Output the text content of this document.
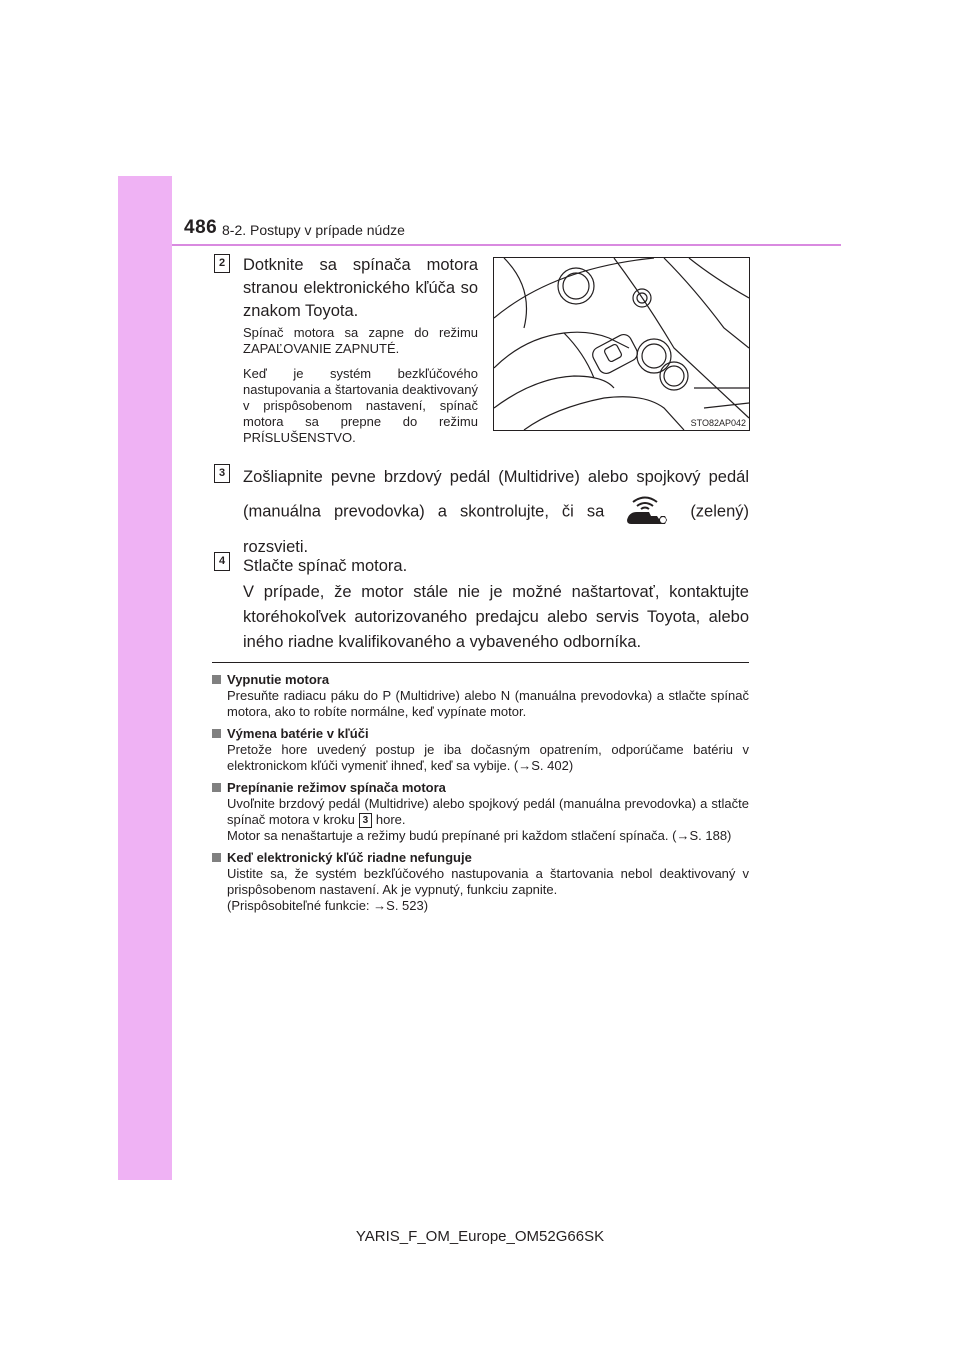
486 8-2. Postupy v prípade núdze
2 Dotknite sa spínača motora stranou elektronického kľúča so znakom Toyota.
Spínač motora sa zapne do režimu ZAPAĽOVANIE ZAPNUTÉ.
Keď je systém bezkľúčového nastupovania a štartovania deaktivovaný v prispôsobenom nastavení, spínač motora sa prepne do režimu PRÍSLUŠENSTVO.
STO82AP042
3 Zošliapnite pevne brzdový pedál (Multidrive) alebo spojkový pedál (manuálna prevodovka) a skontrolujte, či sa	(zelený) rozsvieti.
4 Stlačte spínač motora.
V prípade, že motor stále nie je možné naštartovať, kontaktujte ktoréhokoľvek autorizovaného predajcu alebo servis Toyota, alebo iného riadne kvalifikovaného a vybaveného odborníka.
Vypnutie motora
Presuňte radiacu páku do P (Multidrive) alebo N (manuálna prevodovka) a stlačte spínač motora, ako to robíte normálne, keď vypínate motor.
Výmena batérie v kľúči
Pretože hore uvedený postup je iba dočasným opatrením, odporúčame batériu v elektronickom kľúči vymeniť ihneď, keď sa vybije. (→S. 402)
Prepínanie režimov spínača motora
Uvoľnite brzdový pedál (Multidrive) alebo spojkový pedál (manuálna prevodovka) a stlačte spínač motora v kroku 3 hore.
Motor sa nenaštartuje a režimy budú prepínané pri každom stlačení spínača. (→S. 188)
Keď elektronický kľúč riadne nefunguje
Uistite sa, že systém bezkľúčového nastupovania a štartovania nebol deaktivovaný v prispôsobenom nastavení. Ak je vypnutý, funkciu zapnite.
(Prispôsobiteľné funkcie: →S. 523)
YARIS_F_OM_Europe_OM52G66SK
